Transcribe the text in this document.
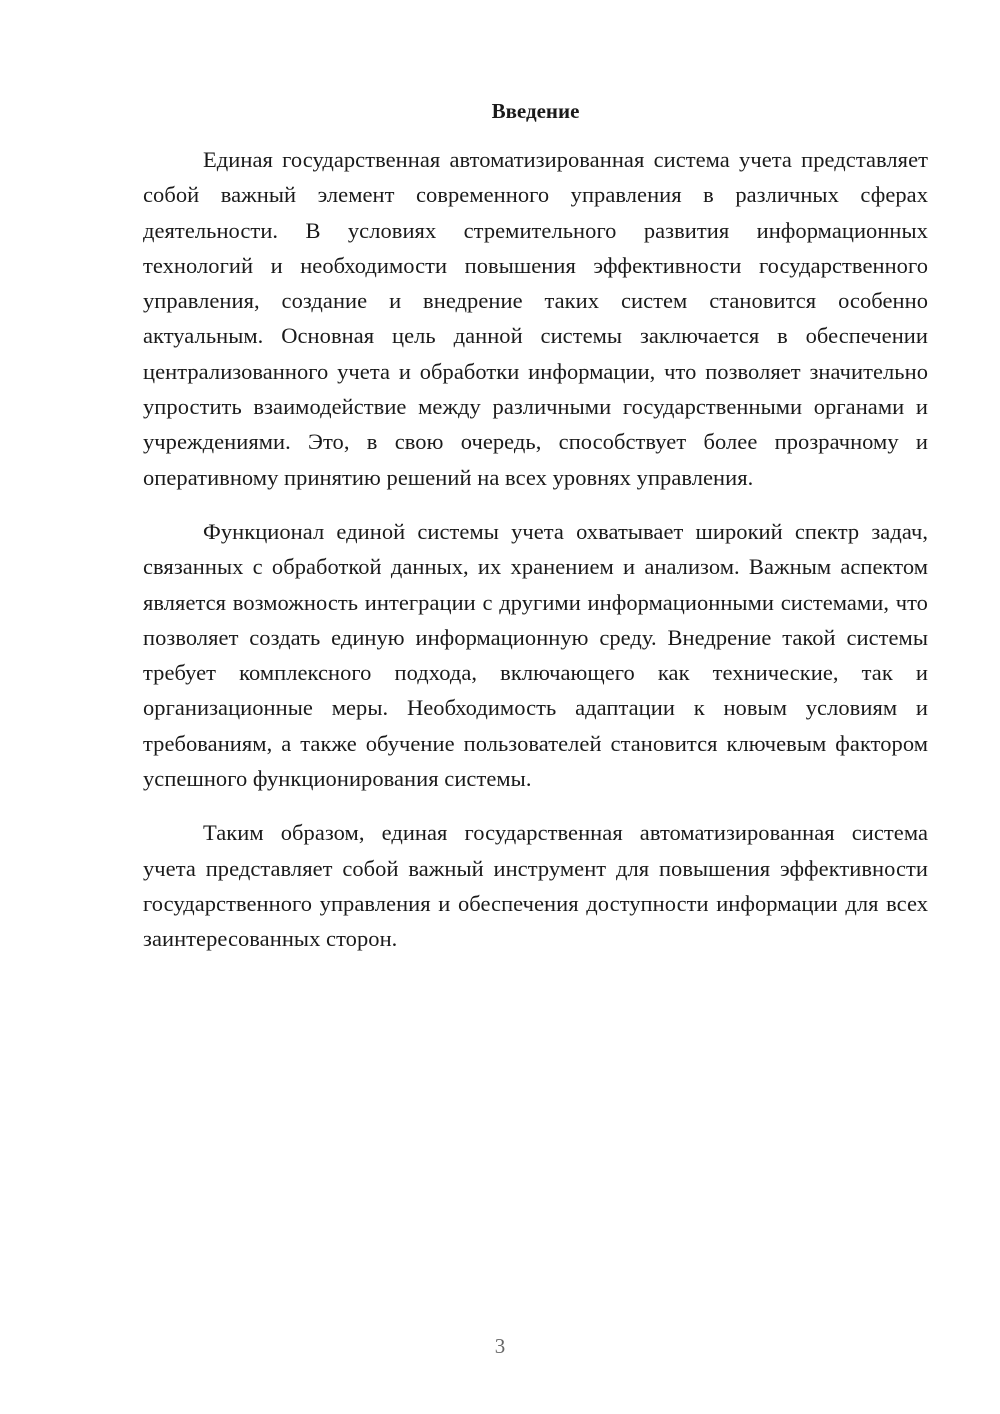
Введение

Единая государственная автоматизированная система учета представляет собой важный элемент современного управления в различных сферах деятельности. В условиях стремительного развития информационных технологий и необходимости повышения эффективности государственного управления, создание и внедрение таких систем становится особенно актуальным. Основная цель данной системы заключается в обеспечении централизованного учета и обработки информации, что позволяет значительно упростить взаимодействие между различными государственными органами и учреждениями. Это, в свою очередь, способствует более прозрачному и оперативному принятию решений на всех уровнях управления.

Функционал единой системы учета охватывает широкий спектр задач, связанных с обработкой данных, их хранением и анализом. Важным аспектом является возможность интеграции с другими информационными системами, что позволяет создать единую информационную среду. Внедрение такой системы требует комплексного подхода, включающего как технические, так и организационные меры. Необходимость адаптации к новым условиям и требованиям, а также обучение пользователей становится ключевым фактором успешного функционирования системы.

Таким образом, единая государственная автоматизированная система учета представляет собой важный инструмент для повышения эффективности государственного управления и обеспечения доступности информации для всех заинтересованных сторон.

3
